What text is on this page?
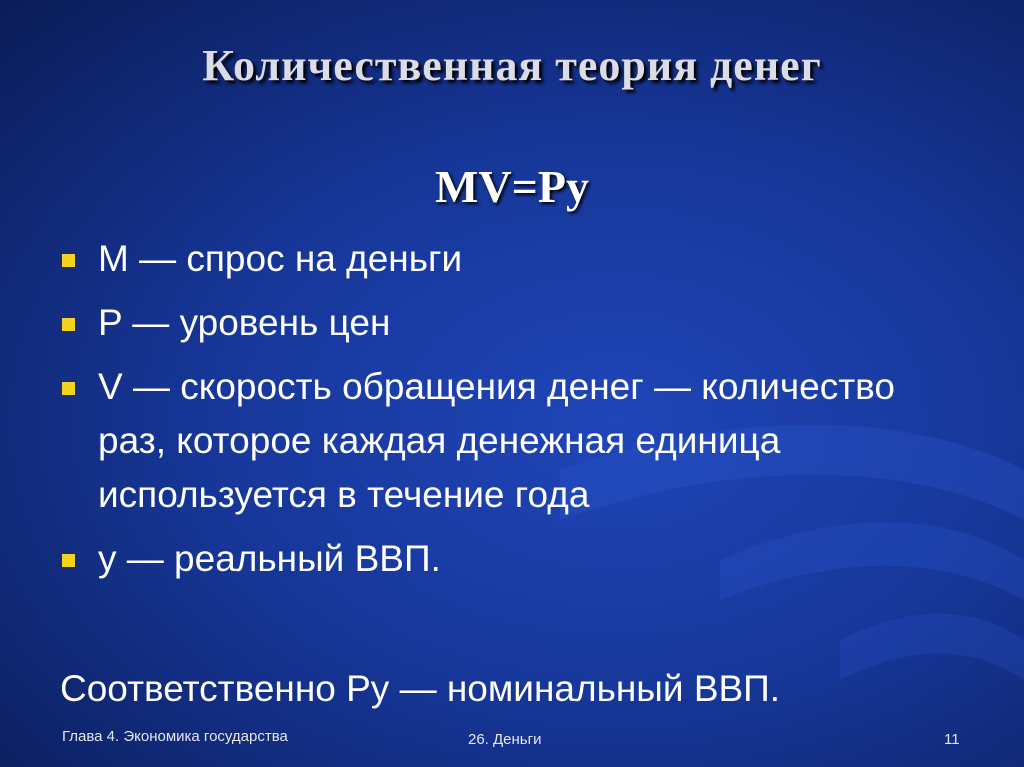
Количественная теория денег
MV=Py
M — спрос на деньги
P — уровень цен
V — скорость обращения денег — количество раз, которое каждая денежная единица используется в течение года
y — реальный ВВП.
Соответственно Py — номинальный ВВП.
Глава 4. Экономика государства	26. Деньги	11
